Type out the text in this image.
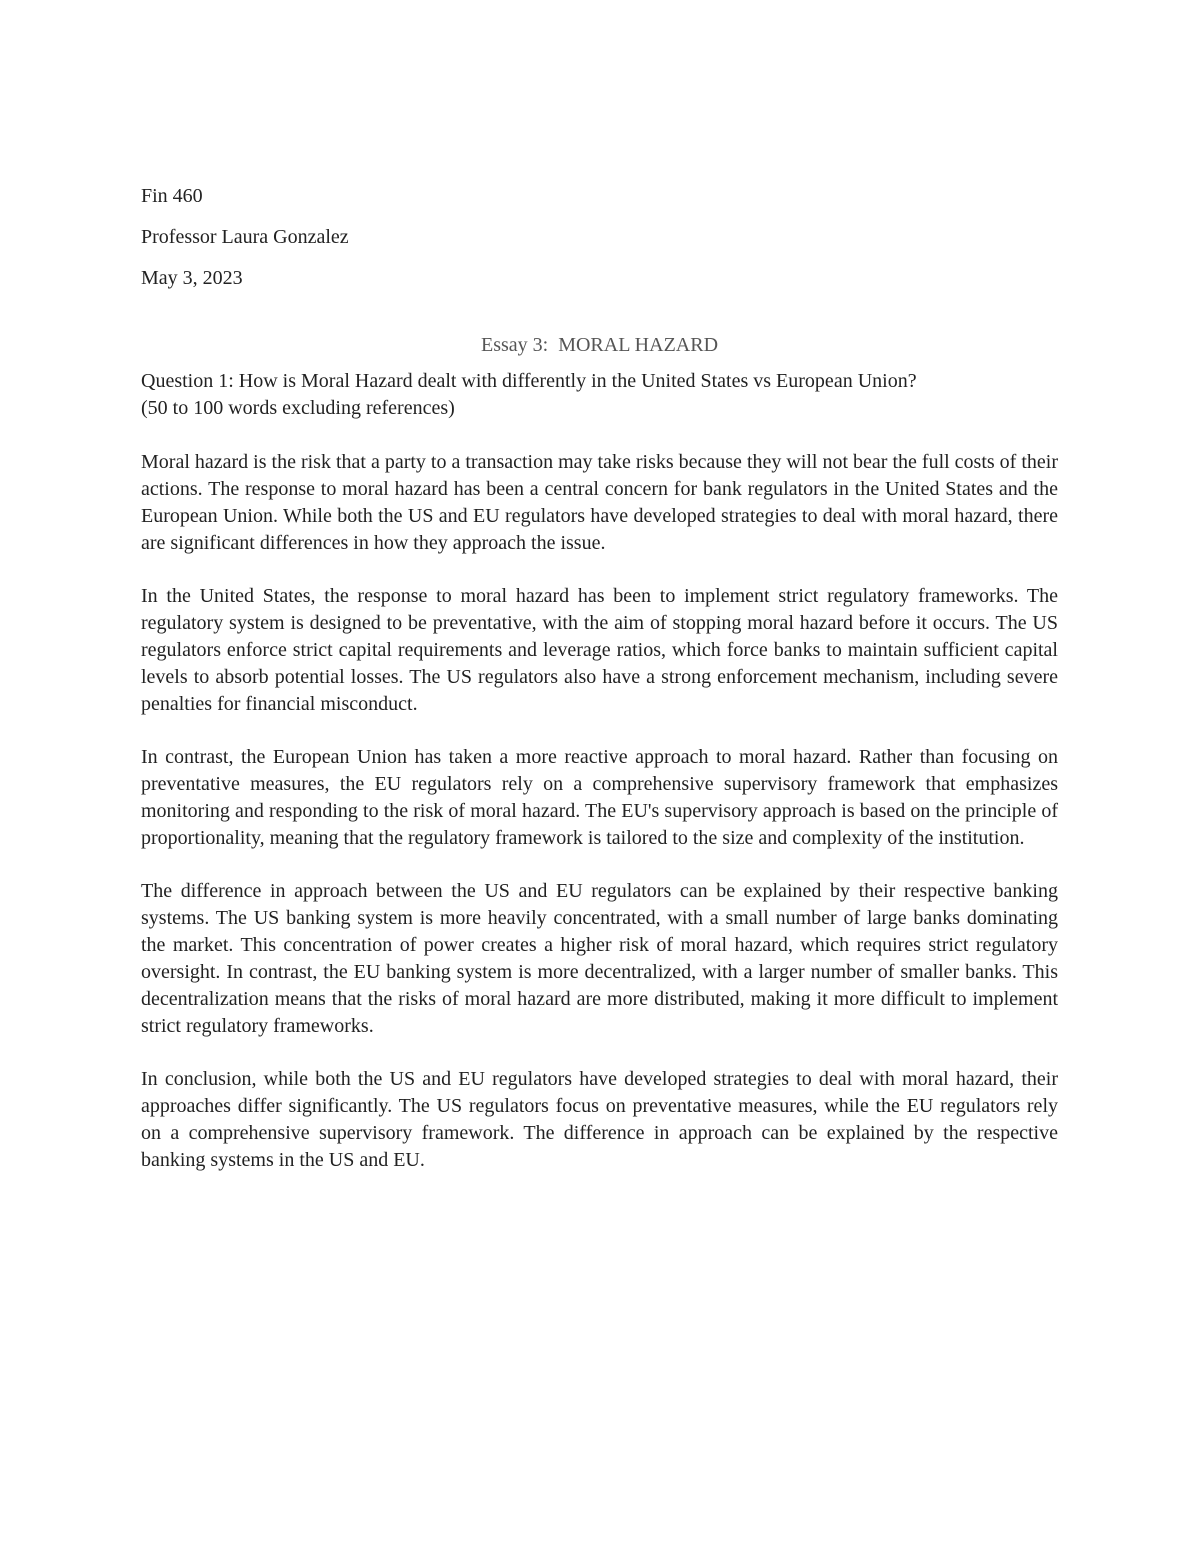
Fin 460
Professor Laura Gonzalez
May 3, 2023
Essay 3:  MORAL HAZARD

Question 1: How is Moral Hazard dealt with differently in the United States vs European Union?

(50 to 100 words excluding references)

Moral hazard is the risk that a party to a transaction may take risks because they will not bear the full costs of their actions. The response to moral hazard has been a central concern for bank regulators in the United States and the European Union. While both the US and EU regulators have developed strategies to deal with moral hazard, there are significant differences in how they approach the issue.

In the United States, the response to moral hazard has been to implement strict regulatory frameworks. The regulatory system is designed to be preventative, with the aim of stopping moral hazard before it occurs. The US regulators enforce strict capital requirements and leverage ratios, which force banks to maintain sufficient capital levels to absorb potential losses. The US regulators also have a strong enforcement mechanism, including severe penalties for financial misconduct.

In contrast, the European Union has taken a more reactive approach to moral hazard. Rather than focusing on preventative measures, the EU regulators rely on a comprehensive supervisory framework that emphasizes monitoring and responding to the risk of moral hazard. The EU's supervisory approach is based on the principle of proportionality, meaning that the regulatory framework is tailored to the size and complexity of the institution.

The difference in approach between the US and EU regulators can be explained by their respective banking systems. The US banking system is more heavily concentrated, with a small number of large banks dominating the market. This concentration of power creates a higher risk of moral hazard, which requires strict regulatory oversight. In contrast, the EU banking system is more decentralized, with a larger number of smaller banks. This decentralization means that the risks of moral hazard are more distributed, making it more difficult to implement strict regulatory frameworks.

In conclusion, while both the US and EU regulators have developed strategies to deal with moral hazard, their approaches differ significantly. The US regulators focus on preventative measures, while the EU regulators rely on a comprehensive supervisory framework. The difference in approach can be explained by the respective banking systems in the US and EU.
